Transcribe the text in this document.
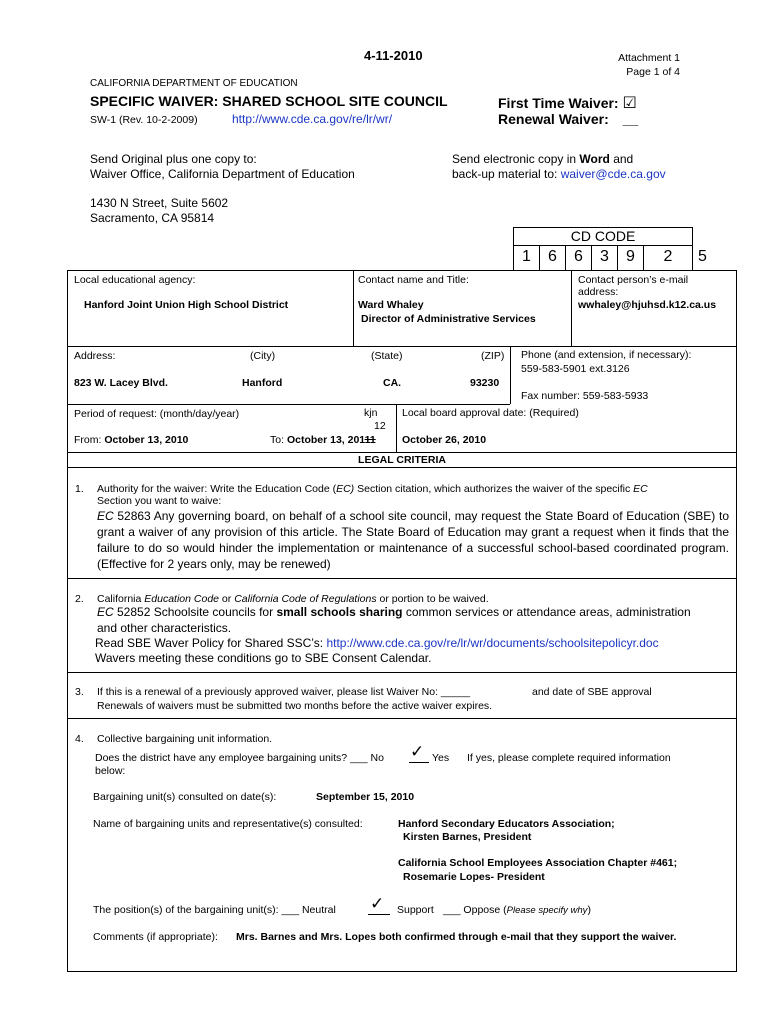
4-11-2010	Attachment 1
Page 1 of 4
CALIFORNIA DEPARTMENT OF EDUCATION
SPECIFIC WAIVER: SHARED SCHOOL SITE COUNCIL
SW-1 (Rev. 10-2-2009)	http://www.cde.ca.gov/re/lr/wr/
First Time Waiver: ☑
Renewal Waiver: __
Send Original plus one copy to:
Waiver Office, California Department of Education
Send electronic copy in Word and
back-up material to: waiver@cde.ca.gov
1430 N Street, Suite 5602
Sacramento, CA 95814
CD CODE
1	6	6	3	9	2	5
Local educational agency:
Hanford Joint Union High School District
Contact name and Title:
Ward Whaley
Director of Administrative Services
Contact person’s e-mail
address:
wwhaley@hjuhsd.k12.ca.us
Address:	(City)	(State)	(ZIP)
823 W. Lacey Blvd.	Hanford	CA.	93230
Phone (and extension, if necessary):
559-583-5901 ext.3126
Fax number: 559-583-5933
Period of request: (month/day/year)	kjn
12
From: October 13, 2010	To: October 13, 20111
Local board approval date: (Required)
October 26, 2010
LEGAL CRITERIA
1. Authority for the waiver: Write the Education Code (EC) Section citation, which authorizes the waiver of the specific EC
Section you want to waive:
EC 52863 Any governing board, on behalf of a school site council, may request the State Board of Education (SBE) to grant a waiver of any provision of this article. The State Board of Education may grant a request when it finds that the failure to do so would hinder the implementation or maintenance of a successful school-based coordinated program. (Effective for 2 years only, may be renewed)
2. California Education Code or California Code of Regulations or portion to be waived.
EC 52852 Schoolsite councils for small schools sharing common services or attendance areas, administration
and other characteristics.
Read SBE Waver Policy for Shared SSC’s: http://www.cde.ca.gov/re/lr/wr/documents/schoolsitepolicyr.doc
Wavers meeting these conditions go to SBE Consent Calendar.
3. If this is a renewal of a previously approved waiver, please list Waiver No: _____	and date of SBE approval
Renewals of waivers must be submitted two months before the active waiver expires.
4. Collective bargaining unit information.
Does the district have any employee bargaining units? ___ No ✓ Yes If yes, please complete required information
below:
Bargaining unit(s) consulted on date(s):	September 15, 2010
Name of bargaining units and representative(s) consulted:	Hanford Secondary Educators Association;
Kirsten Barnes, President
California School Employees Association Chapter #461;
Rosemarie Lopes- President
The position(s) of the bargaining unit(s): ___ Neutral ✓ Support ___ Oppose (Please specify why)
Comments (if appropriate): Mrs. Barnes and Mrs. Lopes both confirmed through e-mail that they support the waiver.
